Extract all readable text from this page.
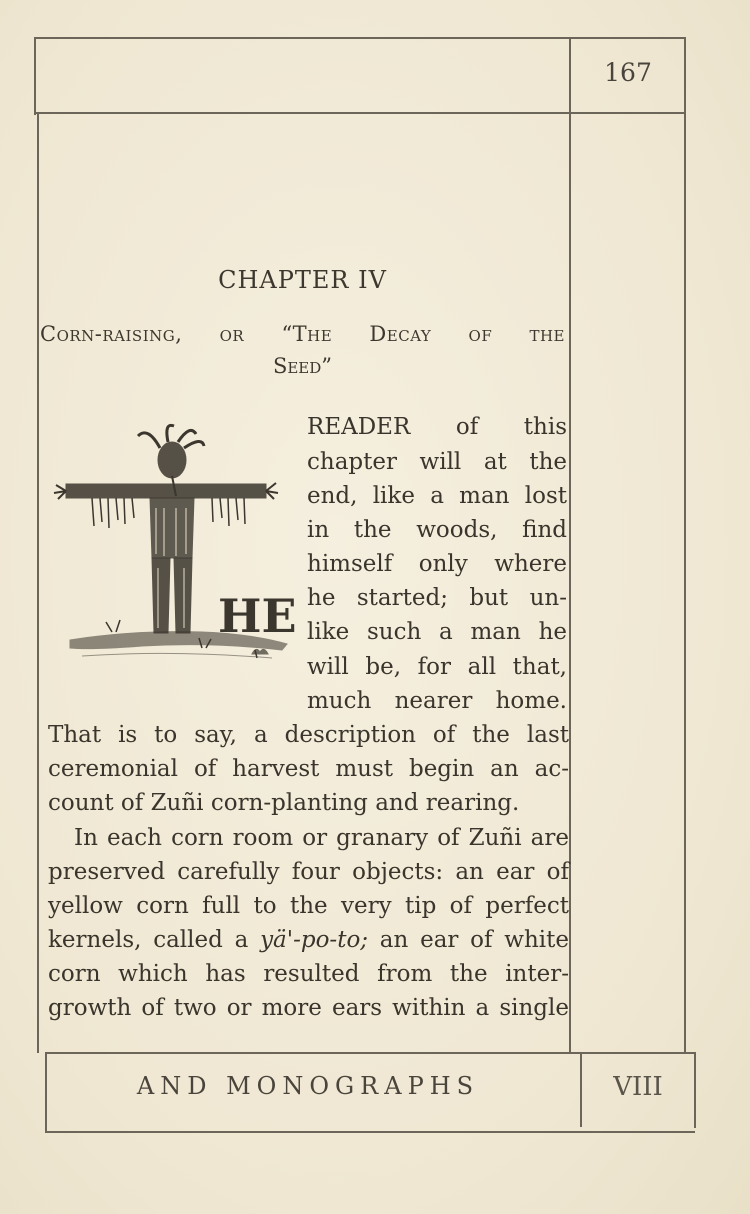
167
CHAPTER IV
Corn-raising, or “The Decay of the
Seed”
HE
READER of this
chapter will at the
end, like a man lost
in the woods, find
himself only where
he started; but un-
like such a man he
will be, for all that,
much nearer home.
That is to say, a description of the last
ceremonial of harvest must begin an ac-
count of Zuñi corn-planting and rearing.
In each corn room or granary of Zuñi are
preserved carefully four objects: an ear of
yellow corn full to the very tip of perfect
kernels, called a yä'-po-to; an ear of white
corn which has resulted from the inter-
growth of two or more ears within a single
AND MONOGRAPHS	VIII
